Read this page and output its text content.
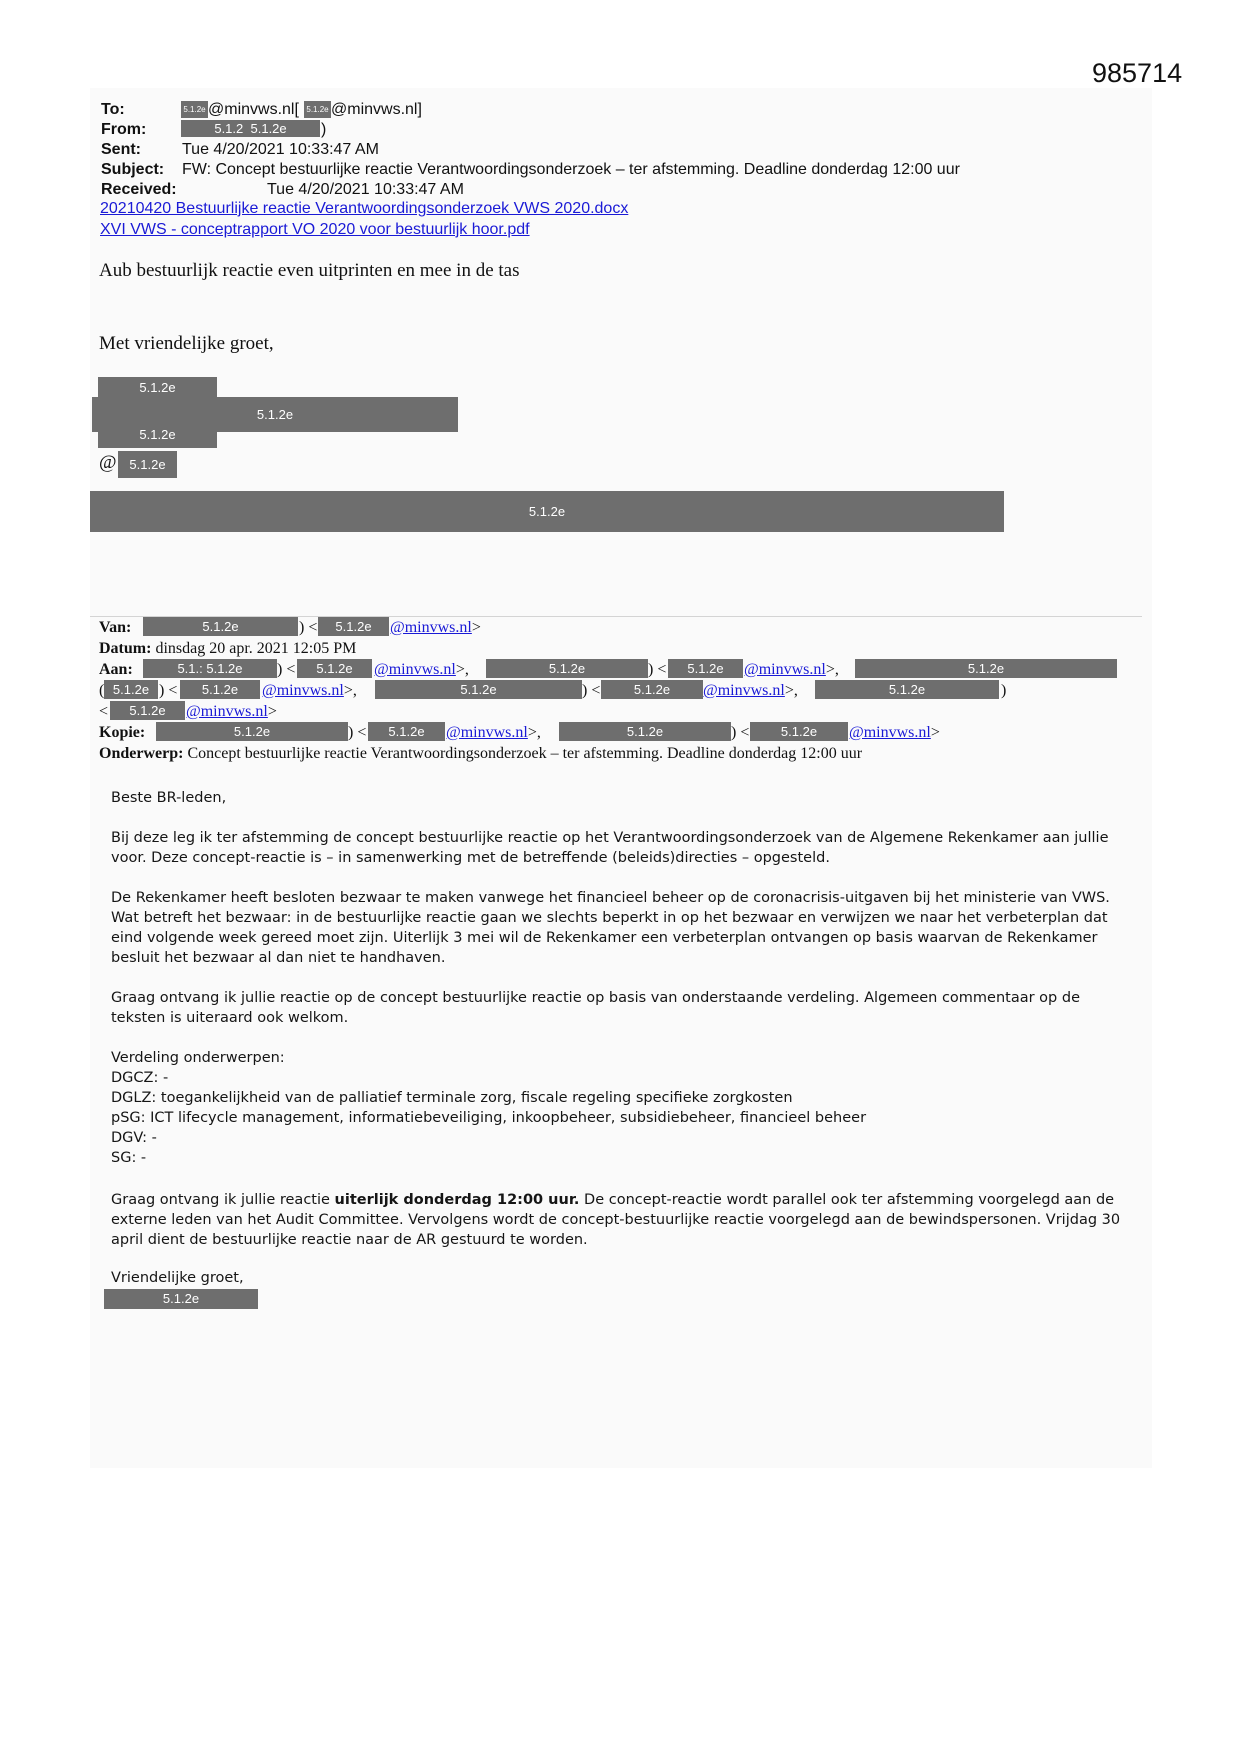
985714
To:	5.1.2e @minvws.nl[ 5.1.2e @minvws.nl]
From:	5.1.2 5.1.2e	)
Sent:	Tue 4/20/2021 10:33:47 AM
Subject: FW: Concept bestuurlijke reactie Verantwoordingsonderzoek – ter afstemming. Deadline donderdag 12:00 uur
Received:	Tue 4/20/2021 10:33:47 AM
20210420 Bestuurlijke reactie Verantwoordingsonderzoek VWS 2020.docx
XVI VWS - conceptrapport VO 2020 voor bestuurlijk hoor.pdf
Aub bestuurlijk reactie even uitprinten en mee in de tas
Met vriendelijke groet,
5.1.2e
5.1.2e
5.1.2e
@ 5.1.2e
5.1.2e
Van:	5.1.2e	) <	5.1.2e	@minvws.nl>
Datum: dinsdag 20 apr. 2021 12:05 PM
Aan:	5.1.: 5.1.2e	) <	5.1.2e	@minvws.nl>,	5.1.2e	) <	5.1.2e	@minvws.nl>,	5.1.2e
( 5.1.2e ) <	5.1.2e	@minvws.nl>,	5.1.2e	) <	5.1.2e	@minvws.nl>,	5.1.2e	)
<	5.1.2e	@minvws.nl>
Kopie:	5.1.2e	) <	5.1.2e	@minvws.nl>,	5.1.2e	) <	5.1.2e	@minvws.nl>
Onderwerp: Concept bestuurlijke reactie Verantwoordingsonderzoek – ter afstemming. Deadline donderdag 12:00 uur

Beste BR-leden,

Bij deze leg ik ter afstemming de concept bestuurlijke reactie op het Verantwoordingsonderzoek van de Algemene Rekenkamer aan jullie voor. Deze concept-reactie is – in samenwerking met de betreffende (beleids)directies – opgesteld.

De Rekenkamer heeft besloten bezwaar te maken vanwege het financieel beheer op de coronacrisis-uitgaven bij het ministerie van VWS. Wat betreft het bezwaar: in de bestuurlijke reactie gaan we slechts beperkt in op het bezwaar en verwijzen we naar het verbeterplan dat eind volgende week gereed moet zijn. Uiterlijk 3 mei wil de Rekenkamer een verbeterplan ontvangen op basis waarvan de Rekenkamer besluit het bezwaar al dan niet te handhaven.

Graag ontvang ik jullie reactie op de concept bestuurlijke reactie op basis van onderstaande verdeling. Algemeen commentaar op de teksten is uiteraard ook welkom.

Verdeling onderwerpen:

DGCZ: -

DGLZ: toegankelijkheid van de palliatief terminale zorg, fiscale regeling specifieke zorgkosten

pSG: ICT lifecycle management, informatiebeveiliging, inkoopbeheer, subsidiebeheer, financieel beheer

DGV: -

SG: -

Graag ontvang ik jullie reactie uiterlijk donderdag 12:00 uur. De concept-reactie wordt parallel ook ter afstemming voorgelegd aan de externe leden van het Audit Committee. Vervolgens wordt de concept-bestuurlijke reactie voorgelegd aan de bewindspersonen. Vrijdag 30 april dient de bestuurlijke reactie naar de AR gestuurd te worden.

Vriendelijke groet,

5.1.2e
